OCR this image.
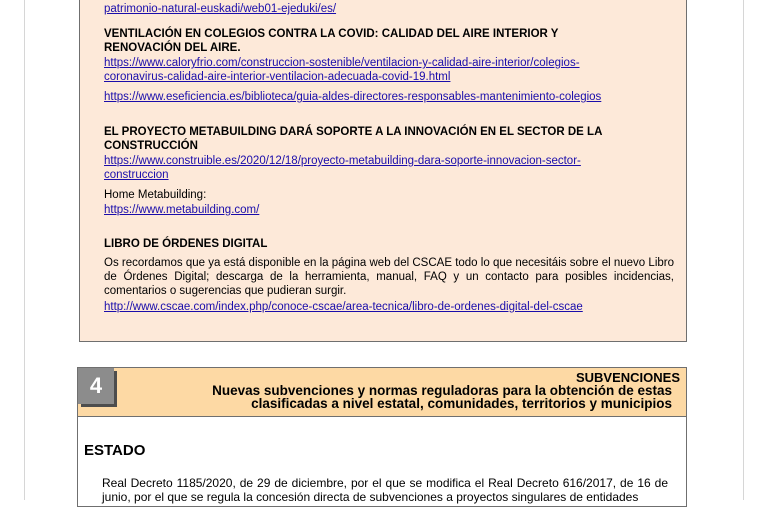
patrimonio-natural-euskadi/web01-ejeduki/es/
VENTILACIÓN EN COLEGIOS CONTRA LA COVID: CALIDAD DEL AIRE INTERIOR Y
RENOVACIÓN DEL AIRE.
https://www.caloryfrio.com/construccion-sostenible/ventilacion-y-calidad-aire-interior/colegios-
coronavirus-calidad-aire-interior-ventilacion-adecuada-covid-19.html
https://www.eseficiencia.es/biblioteca/guia-aldes-directores-responsables-mantenimiento-colegios
EL PROYECTO METABUILDING DARÁ SOPORTE A LA INNOVACIÓN EN EL SECTOR DE LA
CONSTRUCCIÓN
https://www.construible.es/2020/12/18/proyecto-metabuilding-dara-soporte-innovacion-sector-
construccion
Home Metabuilding:
https://www.metabuilding.com/
LIBRO DE ÓRDENES DIGITAL
Os recordamos que ya está disponible en la página web del CSCAE todo lo que necesitáis sobre el nuevo Libro de Órdenes Digital; descarga de la herramienta, manual, FAQ y un contacto para posibles incidencias, comentarios o sugerencias que pudieran surgir.
http://www.cscae.com/index.php/conoce-cscae/area-tecnica/libro-de-ordenes-digital-del-cscae
4	SUBVENCIONES
Nuevas subvenciones y normas reguladoras para la obtención de estas
clasificadas a nivel estatal, comunidades, territorios y municipios
ESTADO
Real Decreto 1185/2020, de 29 de diciembre, por el que se modifica el Real Decreto 616/2017, de 16 de junio, por el que se regula la concesión directa de subvenciones a proyectos singulares de entidades
